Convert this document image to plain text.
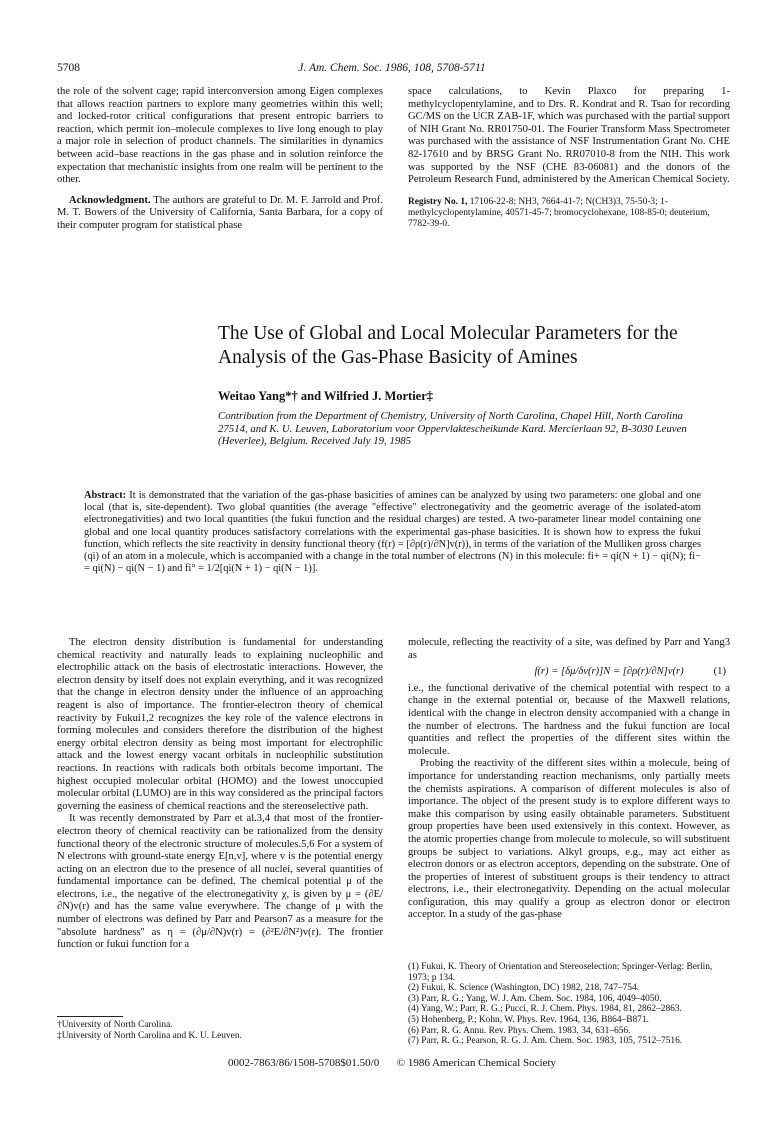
5708	J. Am. Chem. Soc. 1986, 108, 5708-5711

the role of the solvent cage; rapid interconversion among Eigen complexes that allows reaction partners to explore many geometries within this well; and locked-rotor critical configurations that present entropic barriers to reaction, which permit ion–molecule complexes to live long enough to play a major role in selection of product channels. The similarities in dynamics between acid–base reactions in the gas phase and in solution reinforce the expectation that mechanistic insights from one realm will be pertinent to the other.

Acknowledgment. The authors are grateful to Dr. M. F. Jarrold and Prof. M. T. Bowers of the University of California, Santa Barbara, for a copy of their computer program for statistical phase

space calculations, to Kevin Plaxco for preparing 1-methylcyclopentylamine, and to Drs. R. Kondrat and R. Tsao for recording GC/MS on the UCR ZAB-1F, which was purchased with the partial support of NIH Grant No. RR01750-01. The Fourier Transform Mass Spectrometer was purchased with the assistance of NSF Instrumentation Grant No. CHE 82-17610 and by BRSG Grant No. RR07010-8 from the NIH. This work was supported by the NSF (CHE 83-06081) and the donors of the Petroleum Research Fund, administered by the American Chemical Society.

Registry No. 1, 17106-22-8; NH3, 7664-41-7; N(CH3)3, 75-50-3; 1-methylcyclopentylamine, 40571-45-7; bromocyclohexane, 108-85-0; deuterium, 7782-39-0.
The Use of Global and Local Molecular Parameters for the Analysis of the Gas-Phase Basicity of Amines
Weitao Yang*† and Wilfried J. Mortier‡
Contribution from the Department of Chemistry, University of North Carolina, Chapel Hill, North Carolina 27514, and K. U. Leuven, Laboratorium voor Oppervlaktescheikunde Kard. Mercierlaan 92, B-3030 Leuven (Heverlee), Belgium. Received July 19, 1985
Abstract: It is demonstrated that the variation of the gas-phase basicities of amines can be analyzed by using two parameters: one global and one local (that is, site-dependent). Two global quantities (the average "effective" electronegativity and the geometric average of the isolated-atom electronegativities) and two local quantities (the fukui function and the residual charges) are tested. A two-parameter linear model containing one global and one local quantity produces satisfactory correlations with the experimental gas-phase basicities. It is shown how to express the fukui function, which reflects the site reactivity in density functional theory (f(r) = [∂ρ(r)/∂N]v(r)), in terms of the variation of the Mulliken gross charges (qi) of an atom in a molecule, which is accompanied with a change in the total number of electrons (N) in this molecule: fi+ = qi(N + 1) − qi(N); fi− = qi(N) − qi(N − 1) and fi° = 1/2[qi(N + 1) − qi(N − 1)].

The electron density distribution is fundamental for understanding chemical reactivity and naturally leads to explaining nucleophilic and electrophilic attack on the basis of electrostatic interactions. However, the electron density by itself does not explain everything, and it was recognized that the change in electron density under the influence of an approaching reagent is also of importance. The frontier-electron theory of chemical reactivity by Fukui1,2 recognizes the key role of the valence electrons in forming molecules and considers therefore the distribution of the highest energy orbital electron density as being most important for electrophilic attack and the lowest energy vacant orbitals in nucleophilic substitution reactions. In reactions with radicals both orbitals become important. The highest occupied molecular orbital (HOMO) and the lowest unoccupied molecular orbital (LUMO) are in this way considered as the principal factors governing the easiness of chemical reactions and the stereoselective path.

It was recently demonstrated by Parr et al.3,4 that most of the frontier-electron theory of chemical reactivity can be rationalized from the density functional theory of the electronic structure of molecules.5,6 For a system of N electrons with ground-state energy E[n,v], where v is the potential energy acting on an electron due to the presence of all nuclei, several quantities of fundamental importance can be defined. The chemical potential μ of the electrons, i.e., the negative of the electronegativity χ, is given by μ = (∂E/∂N)v(r) and has the same value everywhere. The change of μ with the number of electrons was defined by Parr and Pearson7 as a measure for the "absolute hardness" as η = (∂μ/∂N)v(r) = (∂²E/∂N²)v(r). The frontier function or fukui function for a

†University of North Carolina.
‡University of North Carolina and K. U. Leuven.

molecule, reflecting the reactivity of a site, was defined by Parr and Yang3 as

f(r) = [δμ/δv(r)]N = [∂ρ(r)/∂N]v(r)	(1)

i.e., the functional derivative of the chemical potential with respect to a change in the external potential or, because of the Maxwell relations, identical with the change in electron density accompanied with a change in the number of electrons. The hardness and the fukui function are local quantities and reflect the properties of the different sites within the molecule.

Probing the reactivity of the different sites within a molecule, being of importance for understanding reaction mechanisms, only partially meets the chemists aspirations. A comparison of different molecules is also of importance. The object of the present study is to explore different ways to make this comparison by using easily obtainable parameters. Substituent group properties have been used extensively in this context. However, as the atomic properties change from molecule to molecule, so will substituent groups be subject to variations. Alkyl groups, e.g., may act either as electron donors or as electron acceptors, depending on the substrate. One of the properties of interest of substituent groups is their tendency to attract electrons, i.e., their electronegativity. Depending on the actual molecular configuration, this may qualify a group as electron donor or electron acceptor. In a study of the gas-phase

(1) Fukui, K. Theory of Orientation and Stereoselection; Springer-Verlag: Berlin, 1973; p 134.
(2) Fukui, K. Science (Washington, DC) 1982, 218, 747–754.
(3) Parr, R. G.; Yang, W. J. Am. Chem. Soc. 1984, 106, 4049–4050.
(4) Yang, W.; Parr, R. G.; Pucci, R. J. Chem. Phys. 1984, 81, 2862–2863.
(5) Hohenberg, P.; Kohn, W. Phys. Rev. 1964, 136, B864–B871.
(6) Parr, R. G. Annu. Rev. Phys. Chem. 1983, 34, 631–656.
(7) Parr, R. G.; Pearson, R. G. J. Am. Chem. Soc. 1983, 105, 7512–7516.
0002-7863/86/1508-5708$01.50/0 © 1986 American Chemical Society
